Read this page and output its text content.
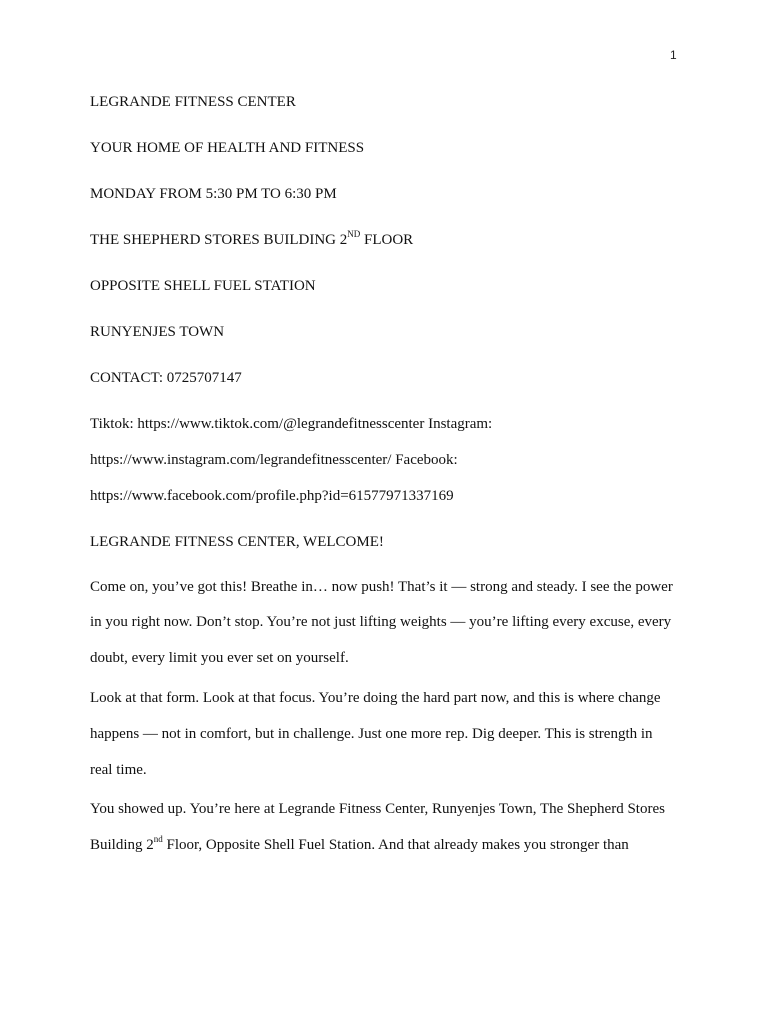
1

LEGRANDE FITNESS CENTER

YOUR HOME OF HEALTH AND FITNESS

MONDAY FROM 5:30 PM TO 6:30 PM

THE SHEPHERD STORES BUILDING 2ND FLOOR

OPPOSITE SHELL FUEL STATION

RUNYENJES TOWN

CONTACT: 0725707147

Tiktok: https://www.tiktok.com/@legrandefitnesscenter Instagram:

https://www.instagram.com/legrandefitnesscenter/ Facebook:

https://www.facebook.com/profile.php?id=61577971337169

LEGRANDE FITNESS CENTER, WELCOME!

Come on, you’ve got this! Breathe in… now push! That’s it — strong and steady. I see the power

in you right now. Don’t stop. You’re not just lifting weights — you’re lifting every excuse, every

doubt, every limit you ever set on yourself.

Look at that form. Look at that focus. You’re doing the hard part now, and this is where change

happens — not in comfort, but in challenge. Just one more rep. Dig deeper. This is strength in

real time.

You showed up. You’re here at Legrande Fitness Center, Runyenjes Town, The Shepherd Stores

Building 2nd Floor, Opposite Shell Fuel Station. And that already makes you stronger than
